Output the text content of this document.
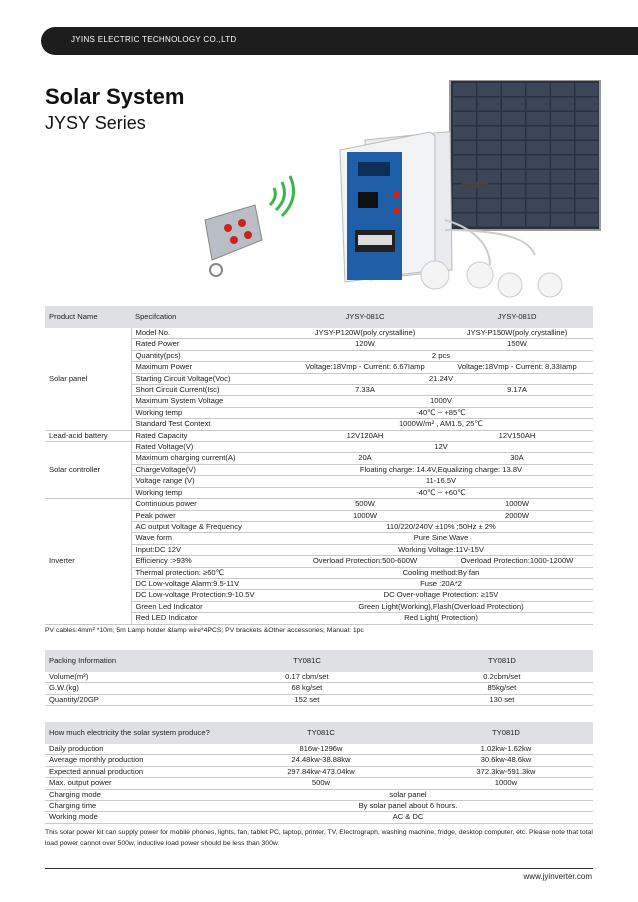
JYINS ELECTRIC TECHNOLOGY CO.,LTD
Solar System
JYSY Series
Product Name	Specifcation	JYSY-081C	JYSY-081D
Solar panel	Model No.	JYSY-P120W(poly crystalline)	JYSY-P150W(poly crystalline)
	Rated Power	120W	150W
	Quantity(pcs)	2 pcs	
	Maximum Power	Voltage:18Vmp - Current: 6.67Iamp	Voltage:18Vmp - Current: 8.33Iamp
	Starting Circuit Voltage(Voc)	21.24V	
	Short Circuit Current(Isc)	7.33A	9.17A
	Maximum System Voltage	1000V	
	Working temp	-40℃ ~ +85℃	
	Standard Test Context	1000W/m² , AM1.5, 25℃	
Lead-acid battery	Rated Capacity	12V120AH	12V150AH
Solar controller	Rated Voltage(V)	12V	
	Maximum charging current(A)	20A	30A
	ChargeVoltage(V)	Floating charge: 14.4V,Equalizing charge: 13.8V	
	Voltage range (V)	11-16.5V	
	Working temp	-40℃ ~ +60℃	
Inverter	Continuous power	500W	1000W
	Peak power	1000W	2000W
	AC output Voltage & Frequency	110/220/240V ±10% ;50Hz ± 2%	
	Wave form	Pure Sine Wave	
	Input:DC 12V	Working Voltage:11V-15V	
	Efficiency :>93%	Overload Protection:500-600W	Overload Protection:1000-1200W
	Thermal protection: ≥60℃	Cooling method:By fan	
	DC Low-voltage Alarm:9.5-11V	Fuse :20A*2	
	DC Low-voltage Protection:9-10.5V	DC Over-voltage Protection: ≥15V	
	Green Led Indicator	Green Light(Working),Flash(Overload Protection)	
	Red LED Indicator	Red Light( Protection)	
PV cables:4mm² *10m; 5m Lamp holder &lamp wire*4PCS; PV brackets &Other accessories; Manual: 1pc
Packing Information	TY081C	TY081D
Volume(m³)	0.17 cbm/set	0.2cbm/set
G.W.(kg)	68 kg/set	85kg/set
Quantity/20GP	152 set	130 set
How much electricity the solar system produce?	TY081C	TY081D
Daily production	816w-1296w	1.02kw-1.62kw
Average monthly production	24.48kw-38.88kw	30.6kw-48.6kw
Expected annual production	297.84kw-473.04kw	372.3kw-591.3kw
Max. output power	500w	1000w
Charging mode	solar panel	
Charging time	By solar panel about 6 hours.	
Working mode	AC & DC	
This solar power kit can supply power for mobile phones, lights, fan, tablet PC, laptop, printer, TV, Electrograph, washing machine, fridge, desktop computer, etc. Please note that total load power cannot over 500w, inductive load power should be less than 300w.
www.jyinverter.com
